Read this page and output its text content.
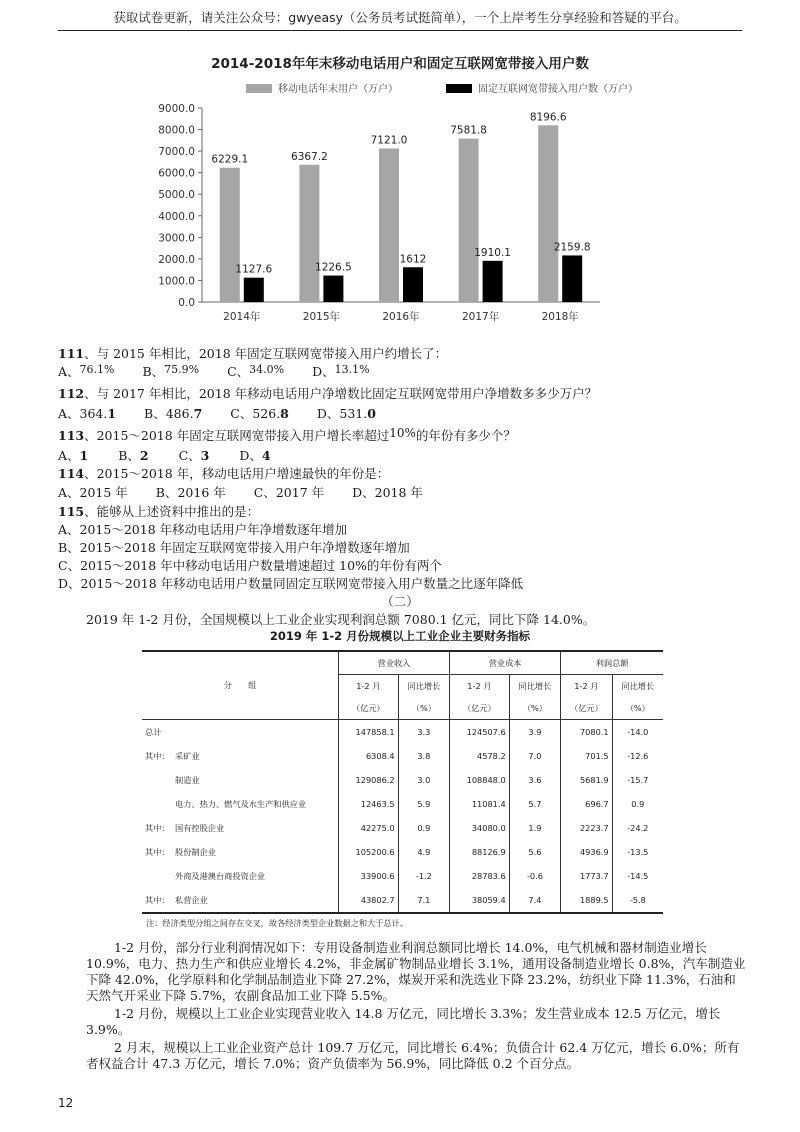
获取试卷更新，请关注公众号：gwyeasy（公务员考试挺简单），一个上岸考生分享经验和答疑的平台。
2014-2018年年末移动电话用户和固定互联网宽带接入用户数
移动电话年末用户（万户）	固定互联网宽带接入用户数（万户）
0.0
1000.0
2000.0
3000.0
4000.0
5000.0
6000.0
7000.0
8000.0
9000.0
6229.1
1127.6
2014年
6367.2
1226.5
2015年
7121.0
1612
2016年
7581.8
1910.1
2017年
8196.6
2159.8
2018年
111、与 2015 年相比，2018 年固定互联网宽带接入用户约增长了：
A、76.1% B、75.9% C、34.0% D、13.1%
112、与 2017 年相比，2018 年移动电话用户净增数比固定互联网宽带用户净增数多多少万户？
A、364.1 B、486.7 C、526.8 D、531.0
113、2015～2018 年固定互联网宽带接入用户增长率超过10%的年份有多少个？
A、1 B、2 C、3 D、4
114、2015～2018 年，移动电话用户增速最快的年份是：
A、2015 年 B、2016 年 C、2017 年 D、2018 年
115、能够从上述资料中推出的是：
A、2015～2018 年移动电话用户年净增数逐年增加
B、2015～2018 年固定互联网宽带接入用户年净增数逐年增加
C、2015～2018 年中移动电话用户数量增速超过 10%的年份有两个
D、2015～2018 年移动电话用户数量同固定互联网宽带接入用户数量之比逐年降低
（二）
2019 年 1-2 月份，全国规模以上工业企业实现利润总额 7080.1 亿元，同比下降 14.0%。
2019 年 1-2 月份规模以上工业企业主要财务指标
分　　组	营业收入		营业成本		利润总额	
	1-2 月	同比增长	1-2 月	同比增长	1-2 月	同比增长
	（亿元）	（%）	（亿元）	（%）	（亿元）	（%）
总计	147858.1	3.3	124507.6	3.9	7080.1	-14.0
其中： 采矿业	6308.4	3.8	4578.2	7.0	701.5	-12.6
制造业	129086.2	3.0	108848.0	3.6	5681.9	-15.7
电力、热力、燃气及水生产和供应业	12463.5	5.9	11081.4	5.7	696.7	0.9
其中： 国有控股企业	42275.0	0.9	34080.0	1.9	2223.7	-24.2
其中： 股份制企业	105200.6	4.9	88126.9	5.6	4936.9	-13.5
外商及港澳台商投资企业	33900.6	-1.2	28783.6	-0.6	1773.7	-14.5
其中： 私营企业	43802.7	7.1	38059.4	7.4	1889.5	-5.8
注：经济类型分组之间存在交叉，故各经济类型企业数据之和大于总计。
1-2 月份，部分行业利润情况如下：专用设备制造业利润总额同比增长 14.0%，电气机械和器材制造业增长 10.9%，电力、热力生产和供应业增长 4.2%，非金属矿物制品业增长 3.1%，通用设备制造业增长 0.8%，汽车制造业下降 42.0%，化学原料和化学制品制造业下降 27.2%，煤炭开采和洗选业下降 23.2%，纺织业下降 11.3%，石油和天然气开采业下降 5.7%，农副食品加工业下降 5.5%。
1-2 月份，规模以上工业企业实现营业收入 14.8 万亿元，同比增长 3.3%；发生营业成本 12.5 万亿元，增长 3.9%。
2 月末，规模以上工业企业资产总计 109.7 万亿元，同比增长 6.4%；负债合计 62.4 万亿元，增长 6.0%；所有者权益合计 47.3 万亿元，增长 7.0%；资产负债率为 56.9%，同比降低 0.2 个百分点。
12
